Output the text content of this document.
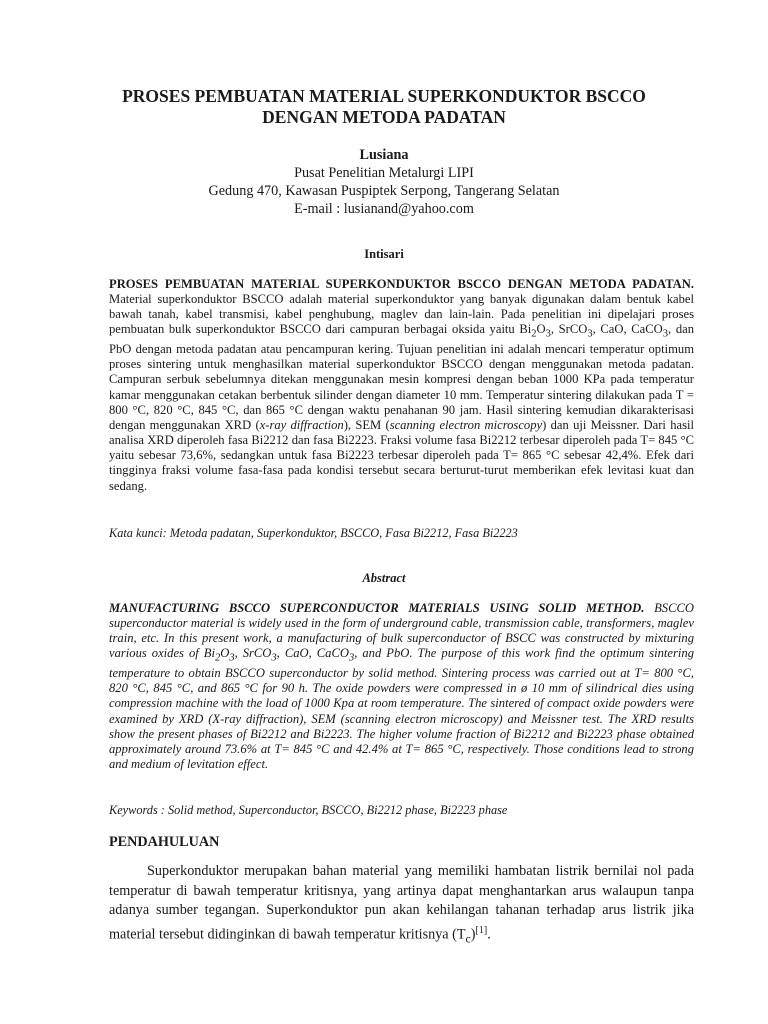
PROSES PEMBUATAN MATERIAL SUPERKONDUKTOR BSCCO
DENGAN METODA PADATAN
Lusiana
Pusat Penelitian Metalurgi LIPI
Gedung 470, Kawasan Puspiptek Serpong, Tangerang Selatan
E-mail : lusianand@yahoo.com
Intisari
PROSES PEMBUATAN MATERIAL SUPERKONDUKTOR BSCCO DENGAN METODA PADATAN. Material superkonduktor BSCCO adalah material superkonduktor yang banyak digunakan dalam bentuk kabel bawah tanah, kabel transmisi, kabel penghubung, maglev dan lain-lain. Pada penelitian ini dipelajari proses pembuatan bulk superkonduktor BSCCO dari campuran berbagai oksida yaitu $Bi_2O_3$, SrCO$_3$, CaO, CaCO$_3$, dan PbO dengan metoda padatan atau pencampuran kering. Tujuan penelitian ini adalah mencari temperatur optimum proses sintering untuk menghasilkan material superkonduktor BSCCO dengan menggunakan metoda padatan. Campuran serbuk sebelumnya ditekan menggunakan mesin kompresi dengan beban 1000 KPa pada temperatur kamar menggunakan cetakan berbentuk silinder dengan diameter 10 mm. Temperatur sintering dilakukan pada T = 800 °C, 820 °C, 845 °C, dan 865 °C dengan waktu penahanan 90 jam. Hasil sintering kemudian dikarakterisasi dengan menggunakan XRD (x-ray diffraction), SEM (scanning electron microscopy) dan uji Meissner. Dari hasil analisa XRD diperoleh fasa Bi2212 dan fasa Bi2223. Fraksi volume fasa Bi2212 terbesar diperoleh pada T= 845 °C yaitu sebesar 73,6%, sedangkan untuk fasa Bi2223 terbesar diperoleh pada T= 865 °C sebesar 42,4%. Efek dari tingginya fraksi volume fasa-fasa pada kondisi tersebut secara berturut-turut memberikan efek levitasi kuat dan sedang.
Kata kunci: Metoda padatan, Superkonduktor, BSCCO, Fasa Bi2212, Fasa Bi2223
Abstract
MANUFACTURING BSCCO SUPERCONDUCTOR MATERIALS USING SOLID METHOD. BSCCO superconductor material is widely used in the form of underground cable, transmission cable, transformers, maglev train, etc. In this present work, a manufacturing of bulk superconductor of BSCC was constructed by mixturing various oxides of $Bi_2O_3$, SrCO$_3$, CaO, CaCO$_3$, and PbO. The purpose of this work find the optimum sintering temperature to obtain BSCCO superconductor by solid method. Sintering process was carried out at T= 800 °C, 820 °C, 845 °C, and 865 °C for 90 h. The oxide powders were compressed in ø 10 mm of silindrical dies using compression machine with the load of 1000 Kpa at room temperature. The sintered of compact oxide powders were examined by XRD (X-ray diffraction), SEM (scanning electron microscopy) and Meissner test. The XRD results show the present phases of Bi2212 and Bi2223. The higher volume fraction of Bi2212 and Bi2223 phase obtained approximately around 73.6% at T= 845 °C and 42.4% at T= 865 °C, respectively. Those conditions lead to strong and medium of levitation effect.
Keywords : Solid method, Superconductor, BSCCO, Bi2212 phase, Bi2223 phase
PENDAHULUAN
Superkonduktor merupakan bahan material yang memiliki hambatan listrik bernilai nol pada temperatur di bawah temperatur kritisnya, yang artinya dapat menghantarkan arus walaupun tanpa adanya sumber tegangan. Superkonduktor pun akan kehilangan tahanan terhadap arus listrik jika material tersebut didinginkan di bawah temperatur kritisnya $(T_c)[1]$.
